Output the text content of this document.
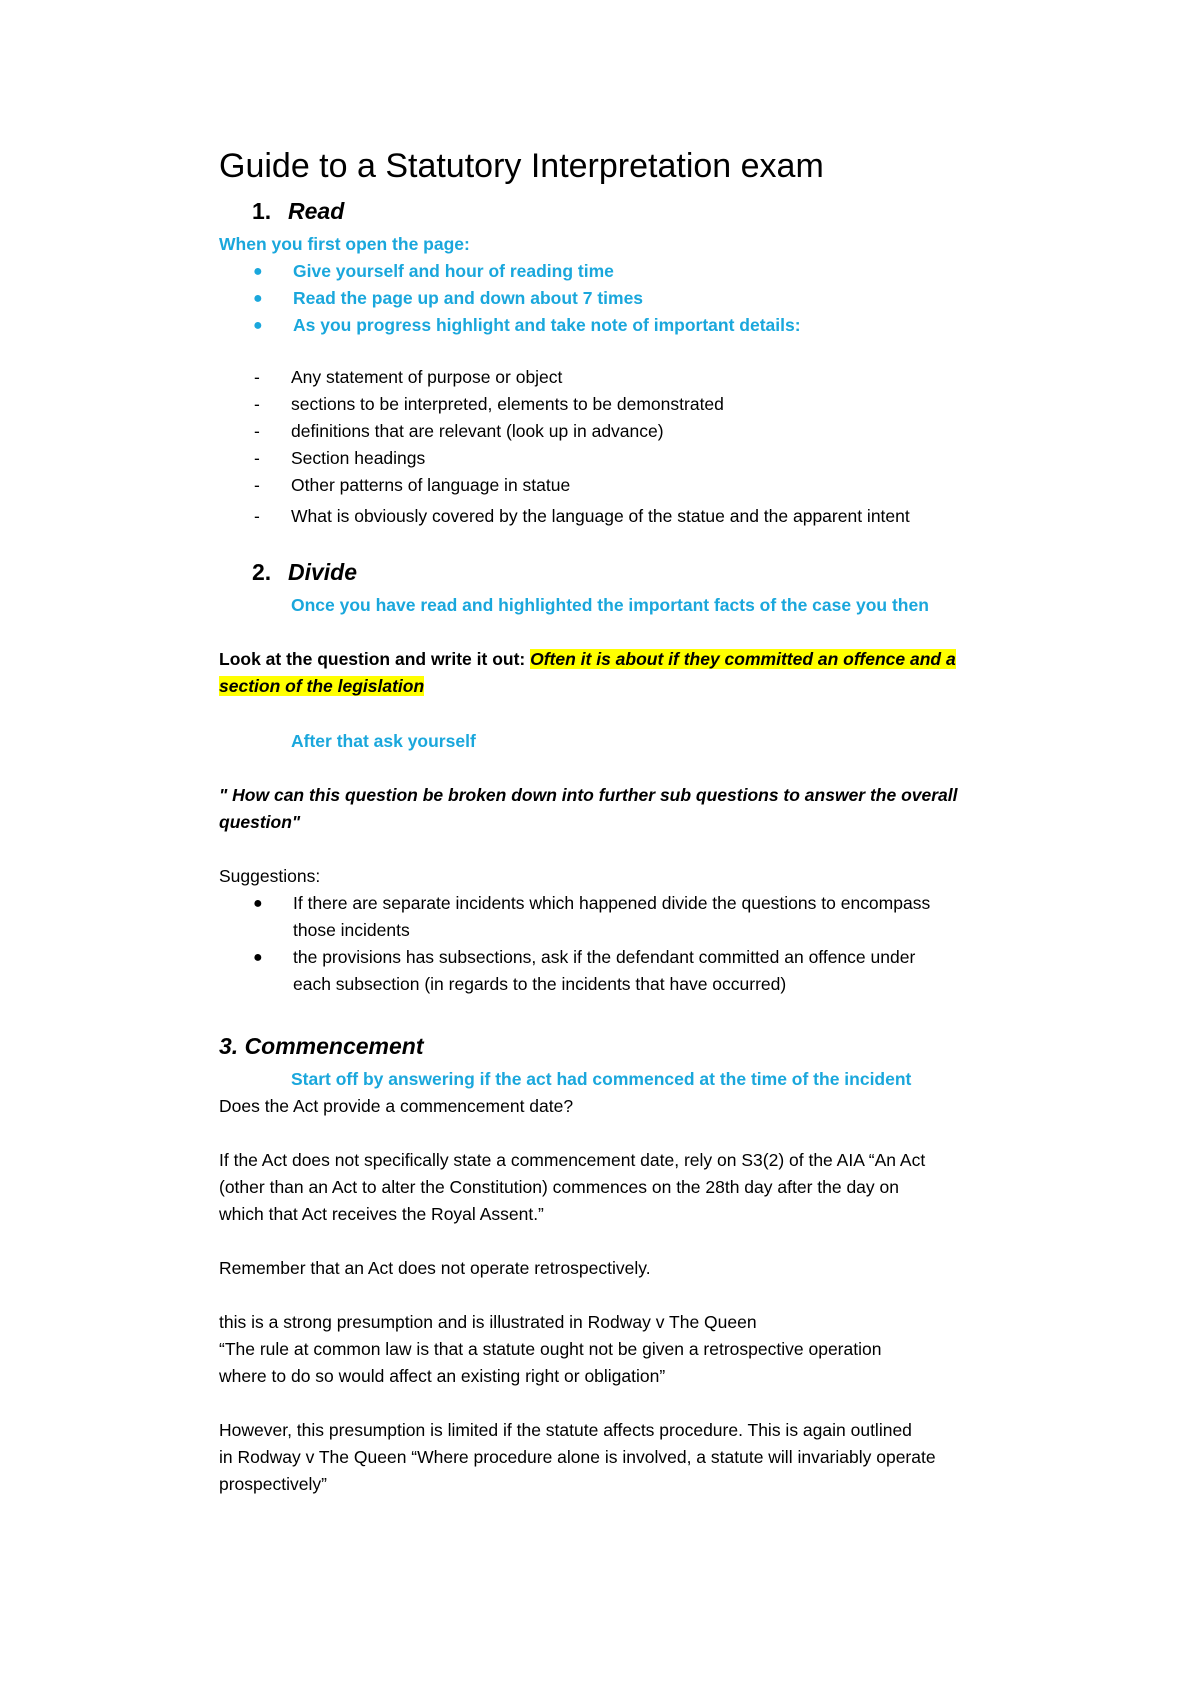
Guide to a Statutory Interpretation exam
1. Read
When you first open the page:
● Give yourself and hour of reading time
● Read the page up and down about 7 times
● As you progress highlight and take note of important details:
- Any statement of purpose or object
- sections to be interpreted, elements to be demonstrated
- definitions that are relevant (look up in advance)
- Section headings
- Other patterns of language in statue
- What is obviously covered by the language of the statue and the apparent intent
2. Divide
Once you have read and highlighted the important facts of the case you then
Look at the question and write it out: Often it is about if they committed an offence and a
section of the legislation
After that ask yourself
" How can this question be broken down into further sub questions to answer the overall
question"
Suggestions:
● If there are separate incidents which happened divide the questions to encompass
those incidents
● the provisions has subsections, ask if the defendant committed an offence under
each subsection (in regards to the incidents that have occurred)
3. Commencement
Start off by answering if the act had commenced at the time of the incident
Does the Act provide a commencement date?
If the Act does not specifically state a commencement date, rely on S3(2) of the AIA “An Act
(other than an Act to alter the Constitution) commences on the 28th day after the day on
which that Act receives the Royal Assent.”
Remember that an Act does not operate retrospectively.
this is a strong presumption and is illustrated in Rodway v The Queen
“The rule at common law is that a statute ought not be given a retrospective operation
where to do so would affect an existing right or obligation”
However, this presumption is limited if the statute affects procedure. This is again outlined
in Rodway v The Queen “Where procedure alone is involved, a statute will invariably operate
prospectively”
